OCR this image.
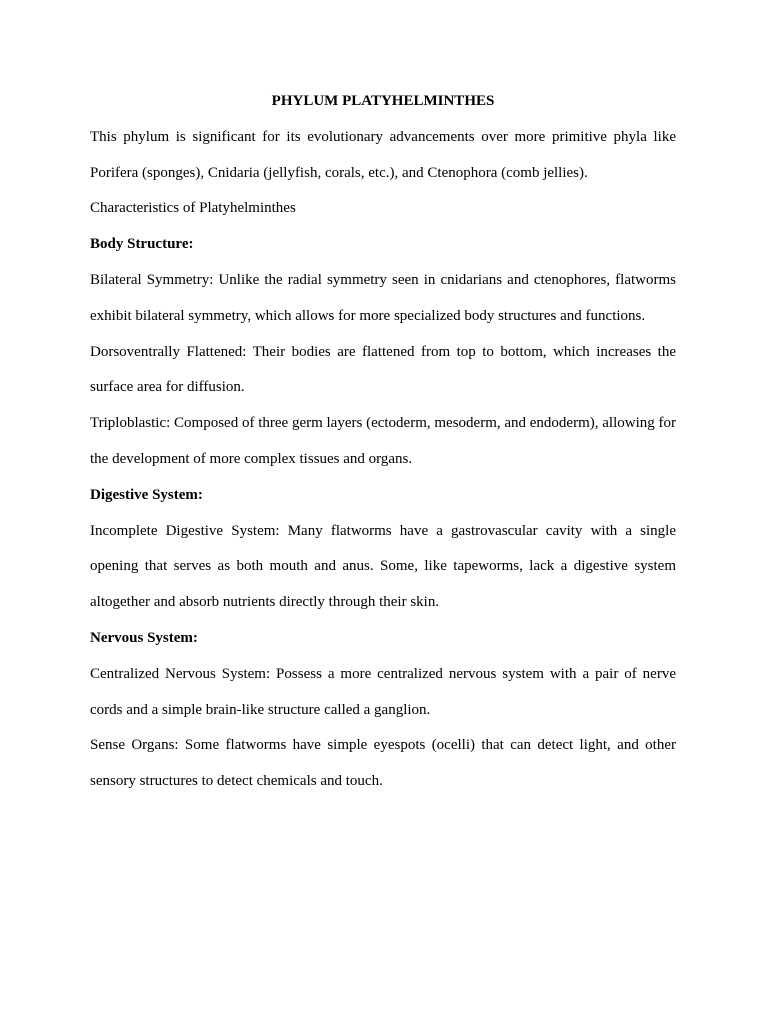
PHYLUM PLATYHELMINTHES

This phylum is significant for its evolutionary advancements over more primitive phyla like Porifera (sponges), Cnidaria (jellyfish, corals, etc.), and Ctenophora (comb jellies).

Characteristics of Platyhelminthes

Body Structure:

Bilateral Symmetry: Unlike the radial symmetry seen in cnidarians and ctenophores, flatworms exhibit bilateral symmetry, which allows for more specialized body structures and functions.

Dorsoventrally Flattened: Their bodies are flattened from top to bottom, which increases the surface area for diffusion.

Triploblastic: Composed of three germ layers (ectoderm, mesoderm, and endoderm), allowing for the development of more complex tissues and organs.

Digestive System:

Incomplete Digestive System: Many flatworms have a gastrovascular cavity with a single opening that serves as both mouth and anus. Some, like tapeworms, lack a digestive system altogether and absorb nutrients directly through their skin.

Nervous System:

Centralized Nervous System: Possess a more centralized nervous system with a pair of nerve cords and a simple brain-like structure called a ganglion.

Sense Organs: Some flatworms have simple eyespots (ocelli) that can detect light, and other sensory structures to detect chemicals and touch.
